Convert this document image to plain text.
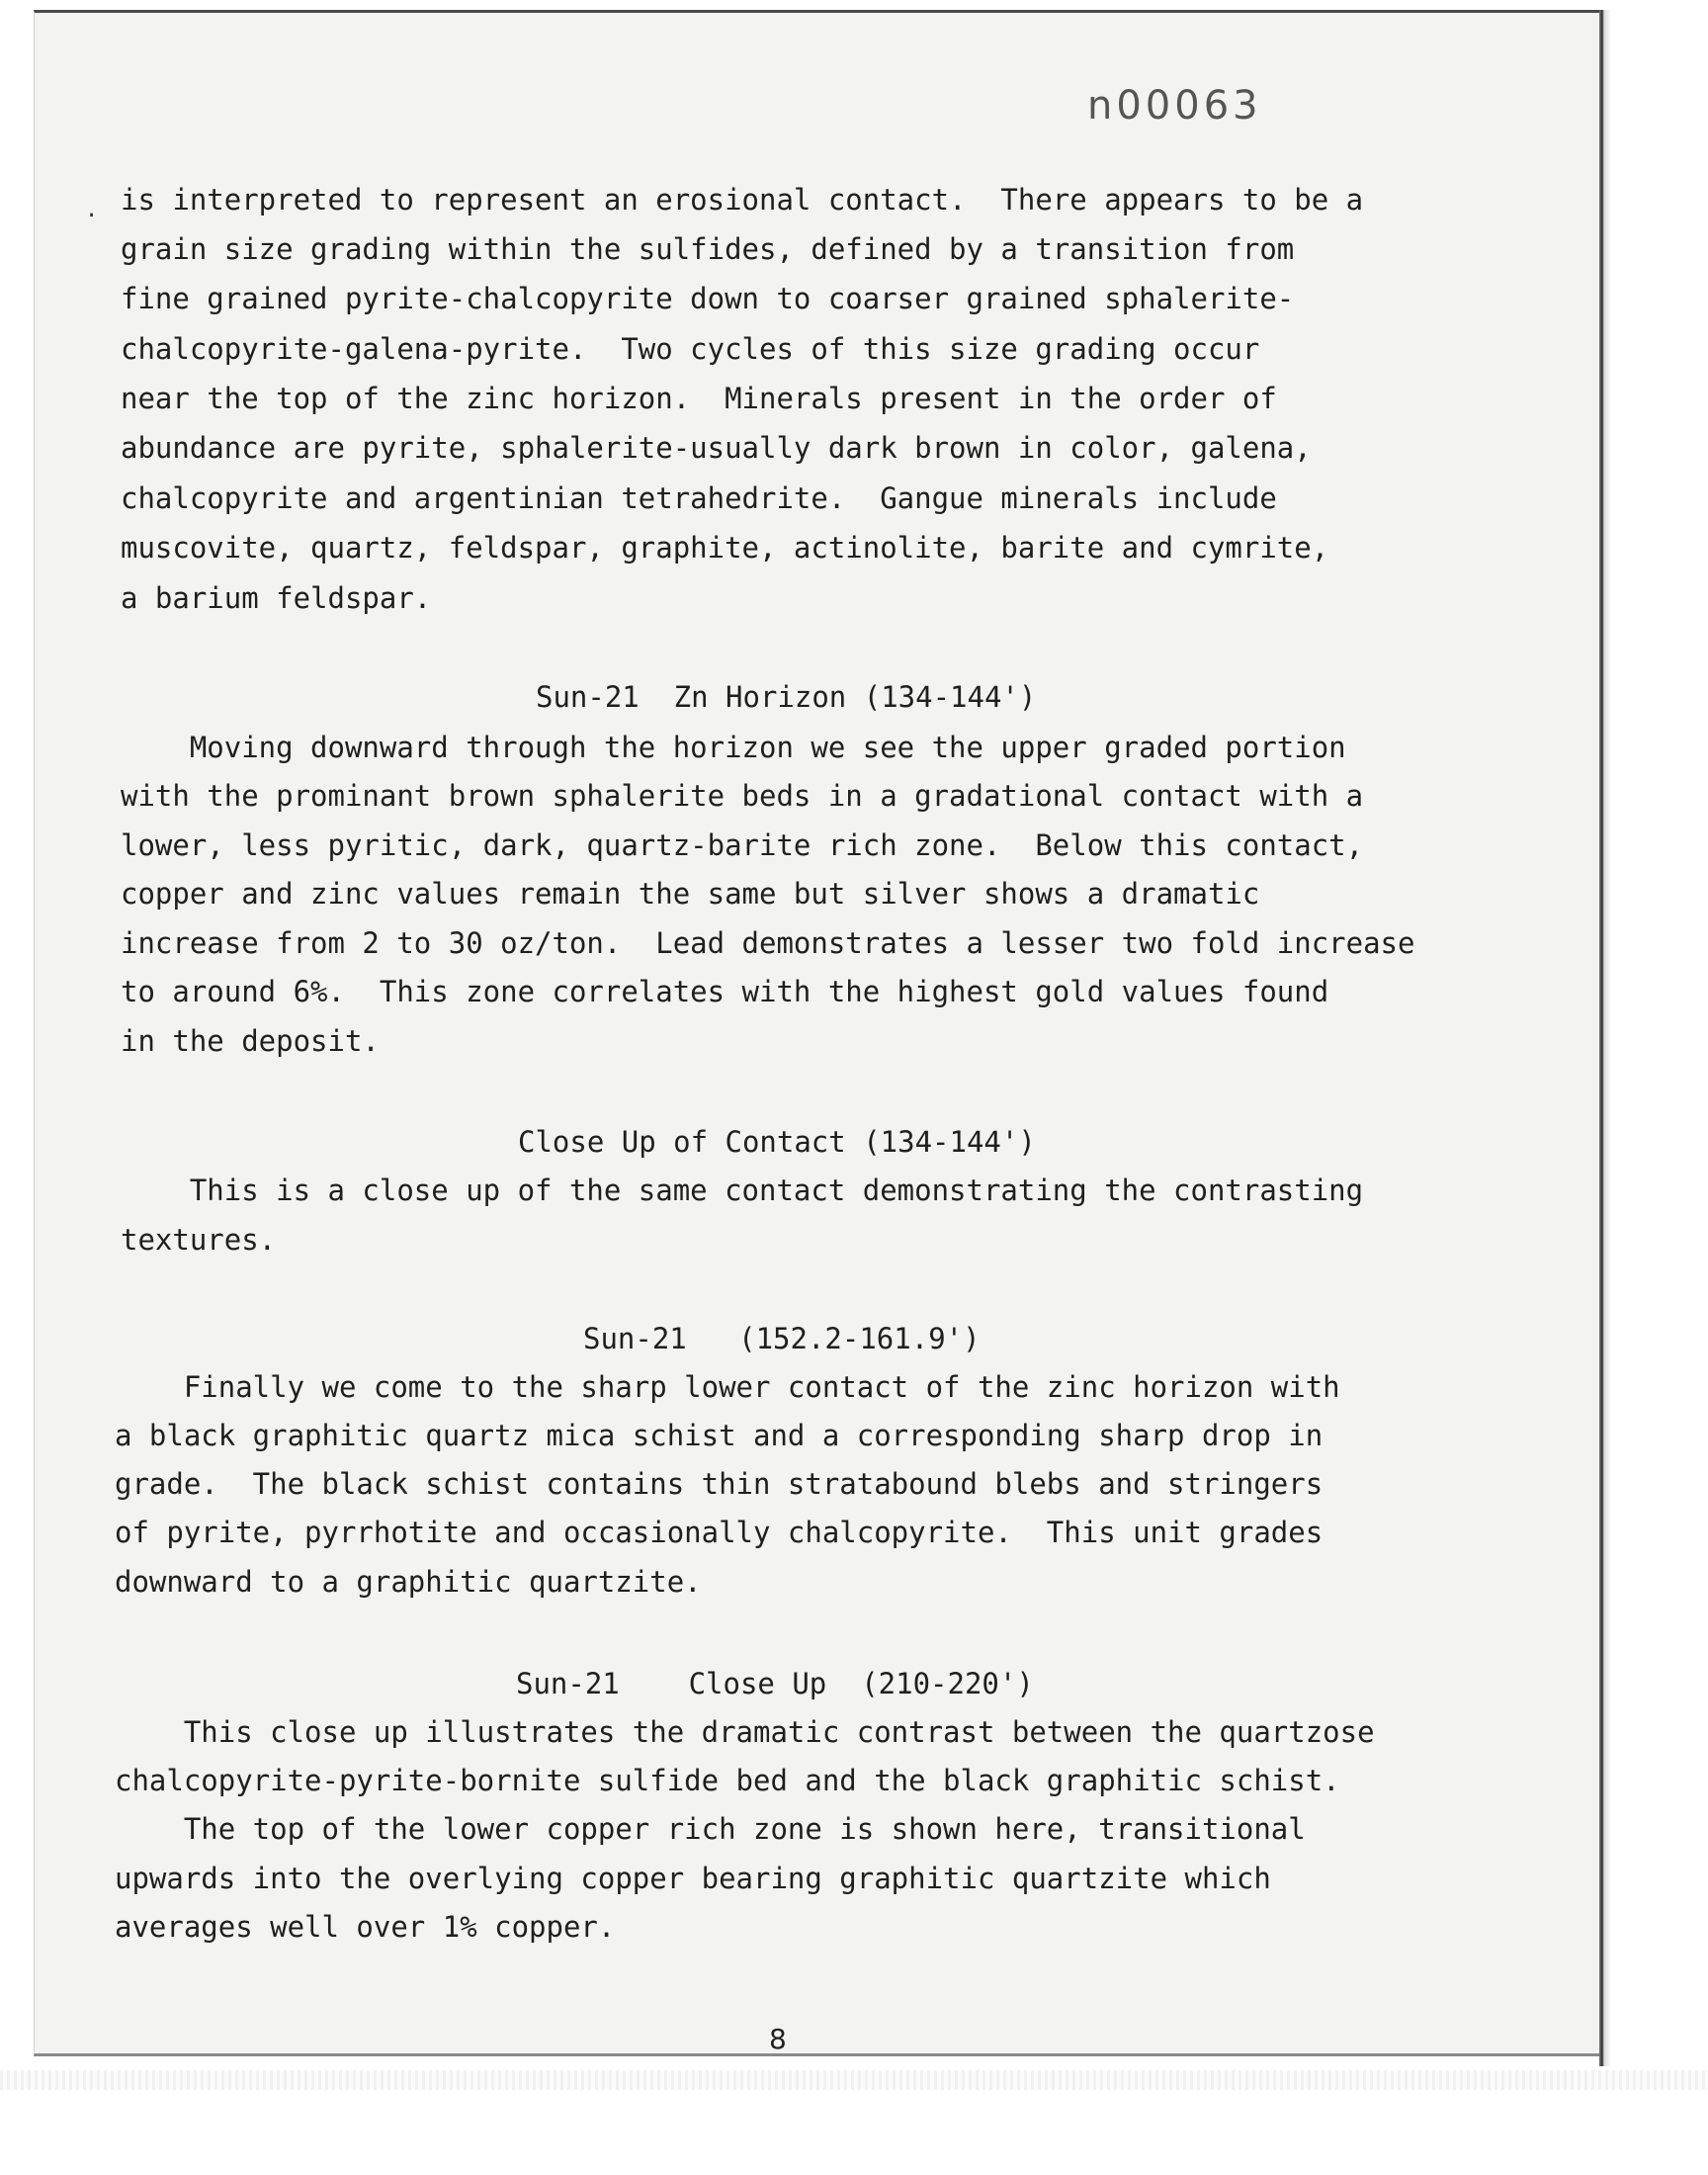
n00063
. is interpreted to represent an erosional contact.  There appears to be a
grain size grading within the sulfides, defined by a transition from
fine grained pyrite-chalcopyrite down to coarser grained sphalerite-
chalcopyrite-galena-pyrite.  Two cycles of this size grading occur
near the top of the zinc horizon.  Minerals present in the order of
abundance are pyrite, sphalerite-usually dark brown in color, galena,
chalcopyrite and argentinian tetrahedrite.  Gangue minerals include
muscovite, quartz, feldspar, graphite, actinolite, barite and cymrite,
a barium feldspar.
Sun-21  Zn Horizon (134-144')
Moving downward through the horizon we see the upper graded portion
with the prominant brown sphalerite beds in a gradational contact with a
lower, less pyritic, dark, quartz-barite rich zone.  Below this contact,
copper and zinc values remain the same but silver shows a dramatic
increase from 2 to 30 oz/ton.  Lead demonstrates a lesser two fold increase
to around 6%.  This zone correlates with the highest gold values found
in the deposit.
Close Up of Contact (134-144')
This is a close up of the same contact demonstrating the contrasting
textures.
Sun-21   (152.2-161.9')
Finally we come to the sharp lower contact of the zinc horizon with
a black graphitic quartz mica schist and a corresponding sharp drop in
grade.  The black schist contains thin stratabound blebs and stringers
of pyrite, pyrrhotite and occasionally chalcopyrite.  This unit grades
downward to a graphitic quartzite.
Sun-21    Close Up  (210-220')
This close up illustrates the dramatic contrast between the quartzose
chalcopyrite-pyrite-bornite sulfide bed and the black graphitic schist.
The top of the lower copper rich zone is shown here, transitional
upwards into the overlying copper bearing graphitic quartzite which
averages well over 1% copper.
8
